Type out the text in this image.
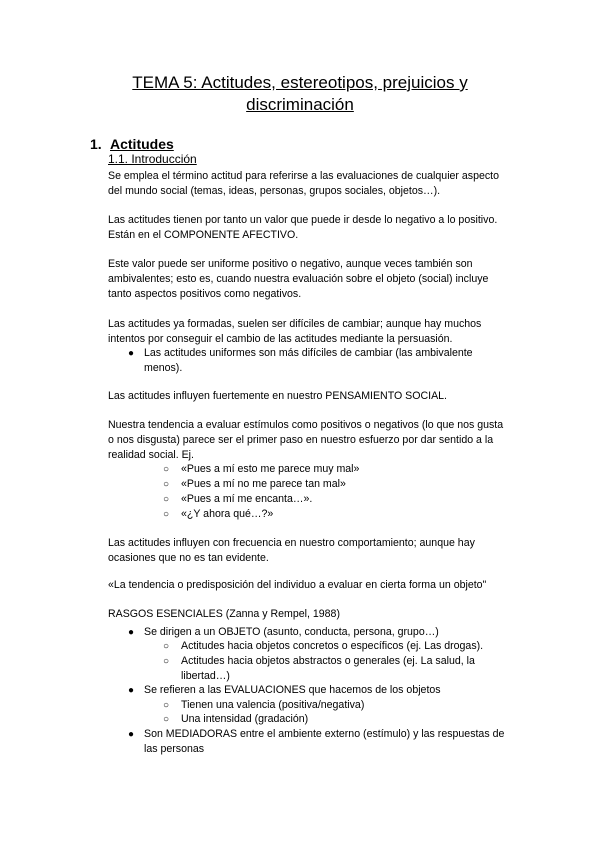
TEMA 5: Actitudes, estereotipos, prejuicios y
discriminación
1. Actitudes
1.1. Introducción
Se emplea el término actitud para referirse a las evaluaciones de cualquier aspecto
del mundo social (temas, ideas, personas, grupos sociales, objetos…).
Las actitudes tienen por tanto un valor que puede ir desde lo negativo a lo positivo.
Están en el COMPONENTE AFECTIVO.
Este valor puede ser uniforme positivo o negativo, aunque veces también son
ambivalentes; esto es, cuando nuestra evaluación sobre el objeto (social) incluye
tanto aspectos positivos como negativos.
Las actitudes ya formadas, suelen ser difíciles de cambiar; aunque hay muchos
intentos por conseguir el cambio de las actitudes mediante la persuasión.
● Las actitudes uniformes son más difíciles de cambiar (las ambivalente
menos).
Las actitudes influyen fuertemente en nuestro PENSAMIENTO SOCIAL.
Nuestra tendencia a evaluar estímulos como positivos o negativos (lo que nos gusta
o nos disgusta) parece ser el primer paso en nuestro esfuerzo por dar sentido a la
realidad social. Ej.
○ «Pues a mí esto me parece muy mal»
○ «Pues a mí no me parece tan mal»
○ «Pues a mí me encanta…».
○ «¿Y ahora qué…?»
Las actitudes influyen con frecuencia en nuestro comportamiento; aunque hay
ocasiones que no es tan evidente.
«La tendencia o predisposición del individuo a evaluar en cierta forma un objeto"
RASGOS ESENCIALES (Zanna y Rempel, 1988)
● Se dirigen a un OBJETO (asunto, conducta, persona, grupo…)
○ Actitudes hacia objetos concretos o específicos (ej. Las drogas).
○ Actitudes hacia objetos abstractos o generales (ej. La salud, la
libertad…)
● Se refieren a las EVALUACIONES que hacemos de los objetos
○ Tienen una valencia (positiva/negativa)
○ Una intensidad (gradación)
● Son MEDIADORAS entre el ambiente externo (estímulo) y las respuestas de
las personas
